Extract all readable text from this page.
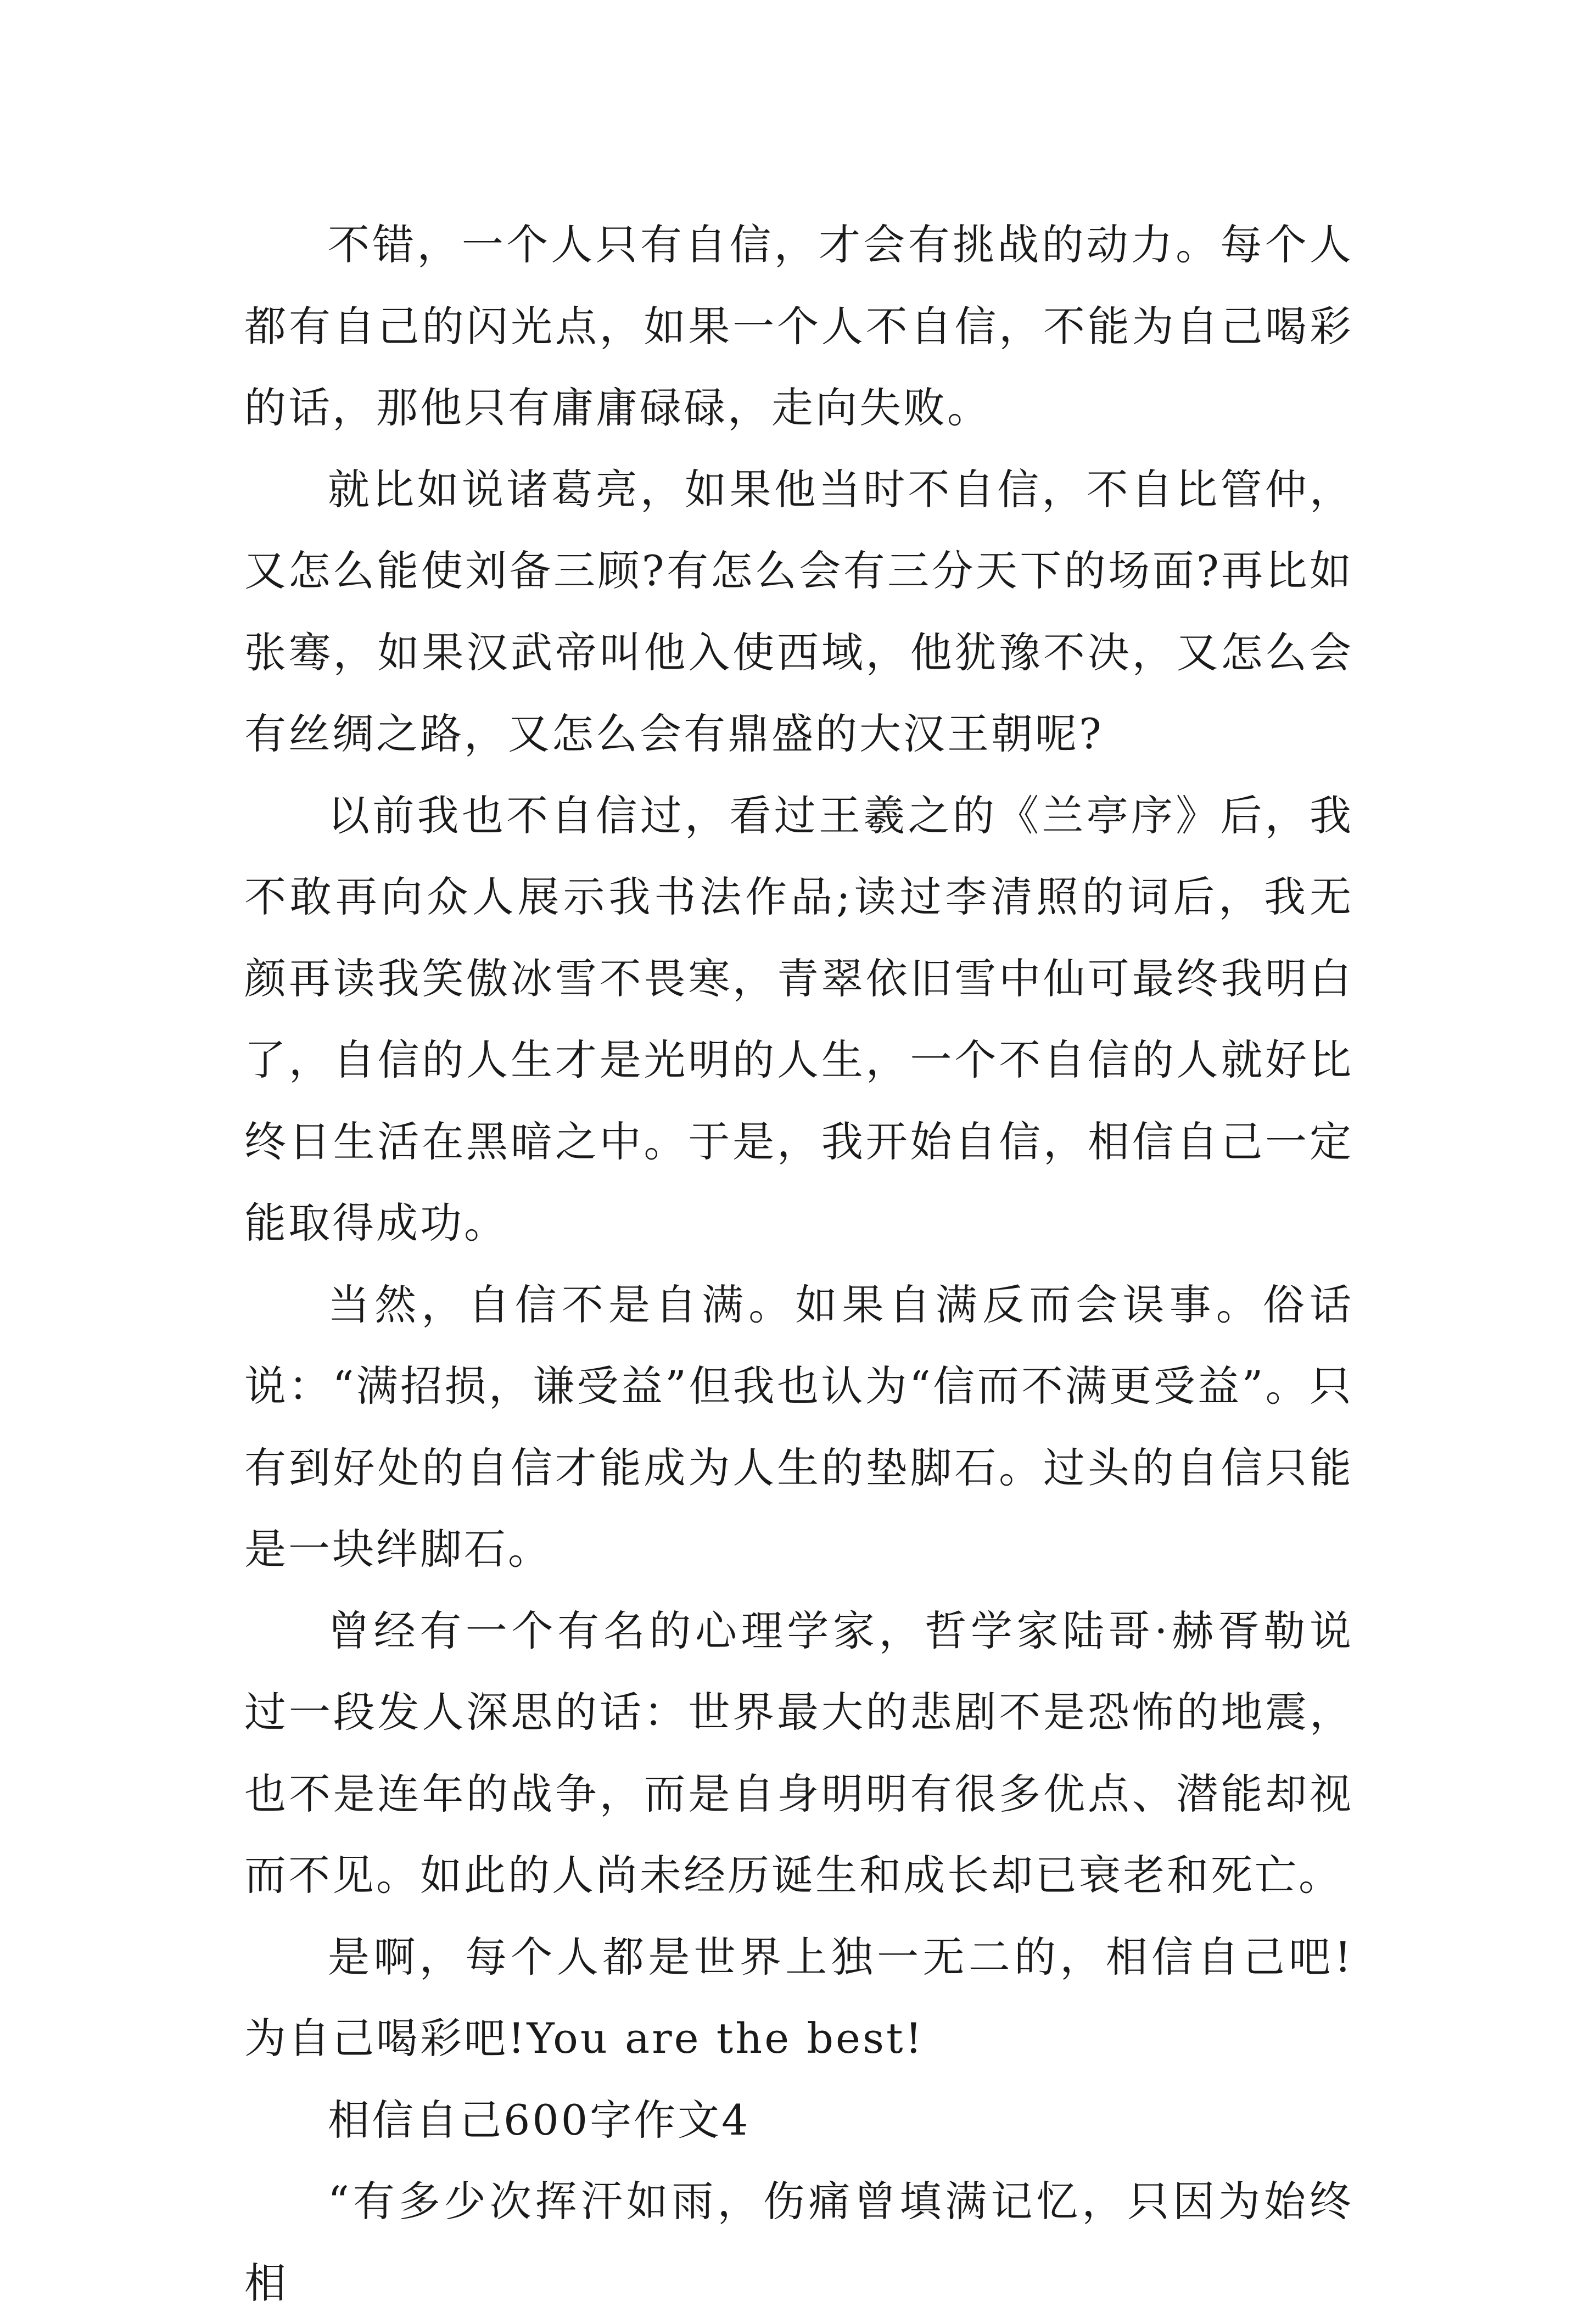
不错，一个人只有自信，才会有挑战的动力。每个人都有自己的闪光点，如果一个人不自信，不能为自己喝彩的话，那他只有庸庸碌碌，走向失败。

就比如说诸葛亮，如果他当时不自信，不自比管仲，又怎么能使刘备三顾?有怎么会有三分天下的场面?再比如张骞，如果汉武帝叫他入使西域，他犹豫不决，又怎么会有丝绸之路，又怎么会有鼎盛的大汉王朝呢?

以前我也不自信过，看过王羲之的《兰亭序》后，我不敢再向众人展示我书法作品;读过李清照的词后，我无颜再读我笑傲冰雪不畏寒，青翠依旧雪中仙可最终我明白了，自信的人生才是光明的人生，一个不自信的人就好比终日生活在黑暗之中。于是，我开始自信，相信自己一定能取得成功。

当然，自信不是自满。如果自满反而会误事。俗话说：“满招损，谦受益”但我也认为“信而不满更受益”。只有到好处的自信才能成为人生的垫脚石。过头的自信只能是一块绊脚石。

曾经有一个有名的心理学家，哲学家陆哥·赫胥勒说过一段发人深思的话：世界最大的悲剧不是恐怖的地震，也不是连年的战争，而是自身明明有很多优点、潜能却视而不见。如此的人尚未经历诞生和成长却已衰老和死亡。

是啊，每个人都是世界上独一无二的，相信自己吧!为自己喝彩吧!You are the best!

相信自己600字作文4

“有多少次挥汗如雨，伤痛曾填满记忆，只因为始终相
